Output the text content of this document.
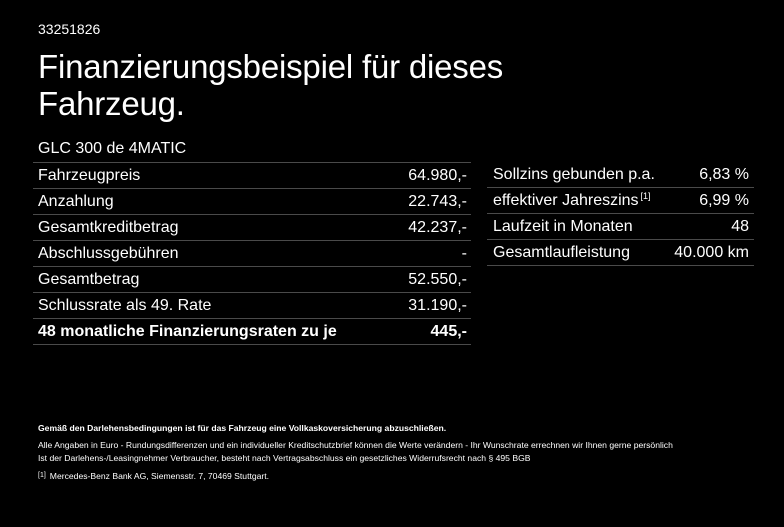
33251826
Finanzierungsbeispiel für dieses Fahrzeug.
GLC 300 de 4MATIC
Fahrzeugpreis	64.980,-
Anzahlung	22.743,-
Gesamtkreditbetrag	42.237,-
Abschlussgebühren	-
Gesamtbetrag	52.550,-
Schlussrate als 49. Rate	31.190,-
48 monatliche Finanzierungsraten zu je	445,-
Sollzins gebunden p.a.	6,83 %
effektiver Jahreszins [1]	6,99 %
Laufzeit in Monaten	48
Gesamtlaufleistung	40.000 km
Gemäß den Darlehensbedingungen ist für das Fahrzeug eine Vollkaskoversicherung abzuschließen.
Alle Angaben in Euro - Rundungsdifferenzen und ein individueller Kreditschutzbrief können die Werte verändern - Ihr Wunschrate errechnen wir Ihnen gerne persönlich
Ist der Darlehens-/Leasingnehmer Verbraucher, besteht nach Vertragsabschluss ein gesetzliches Widerrufsrecht nach § 495 BGB
[1] Mercedes-Benz Bank AG, Siemensstr. 7, 70469 Stuttgart.
